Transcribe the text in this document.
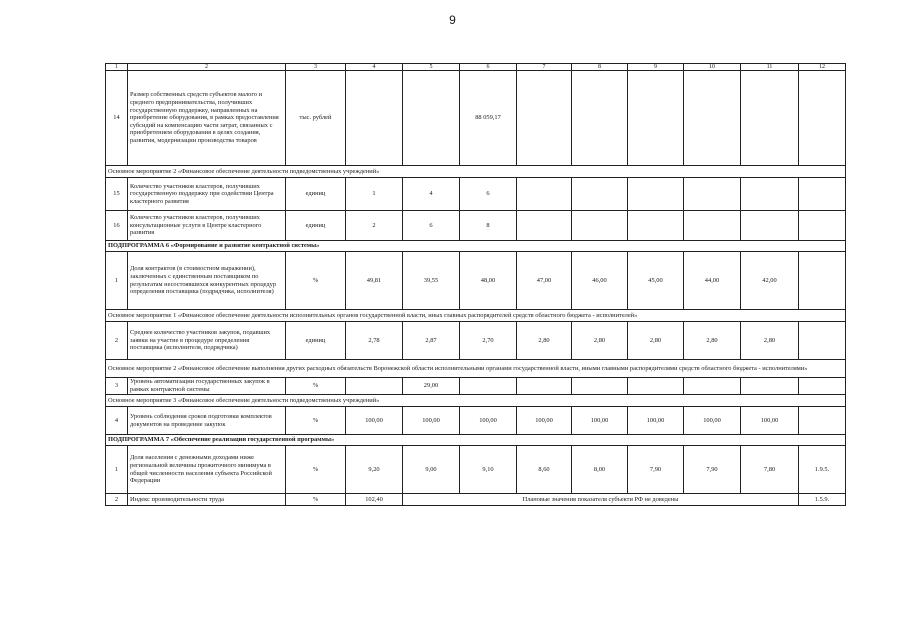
9
1	2	3	4	5	6	7	8	9	10	11	12
14	Размер собственных средств субъектов малого и среднего предпринимательства, получивших государственную поддержку, направленных на приобретение оборудования, в рамках предоставления субсидий на компенсацию части затрат, связанных с приобретением оборудования в целях создания, развития, модернизации производства товаров	тыс. рублей			88 059,17						
Основное мероприятие 2 «Финансовое обеспечение деятельности подведомственных учреждений»											
15	Количество участников кластеров, получивших государственную поддержку при содействии Центра кластерного развития	единиц	1	4	6						
16	Количество участников кластеров, получивших консультационные услуги в Центре кластерного развития	единиц	2	6	8						
ПОДПРОГРАММА 6 «Формирование и развитие контрактной системы»											
1	Доля контрактов (в стоимостном выражении), заключенных с единственным поставщиком по результатам несостоявшихся конкурентных процедур определения поставщика (подрядчика, исполнителя)	%	49,81	39,55	48,00	47,00	46,00	45,00	44,00	42,00	
Основное мероприятие 1 «Финансовое обеспечение деятельности исполнительных органов государственной власти, иных главных распорядителей средств областного бюджета - исполнителей»											
2	Среднее количество участников закупок, подавших заявки на участие в процедуре определения поставщика (исполнителя, подрядчика)	единиц	2,78	2,87	2,70	2,80	2,80	2,80	2,80	2,80	
Основное мероприятие 2 «Финансовое обеспечение выполнения других расходных обязательств Воронежской области исполнительными органами государственной власти, иными главными распорядителями средств областного бюджета - исполнителями»											
3	Уровень автоматизации государственных закупок в рамках контрактной системы	%		29,00							
Основное мероприятие 3 «Финансовое обеспечение деятельности подведомственных учреждений»											
4	Уровень соблюдения сроков подготовки комплектов документов на проведение закупок	%	100,00	100,00	100,00	100,00	100,00	100,00	100,00	100,00	
ПОДПРОГРАММА 7 «Обеспечение реализации государственной программы»											
1	Доля населения с денежными доходами ниже региональной величины прожиточного минимума в общей численности населения субъекта Российской Федерации	%	9,20	9,00	9,10	8,60	8,00	7,90	7,90	7,80	1.9.5.
2	Индекс производительности труда	%	102,40	Плановые значения показателя субъекти РФ не доведены							1.5.9.
